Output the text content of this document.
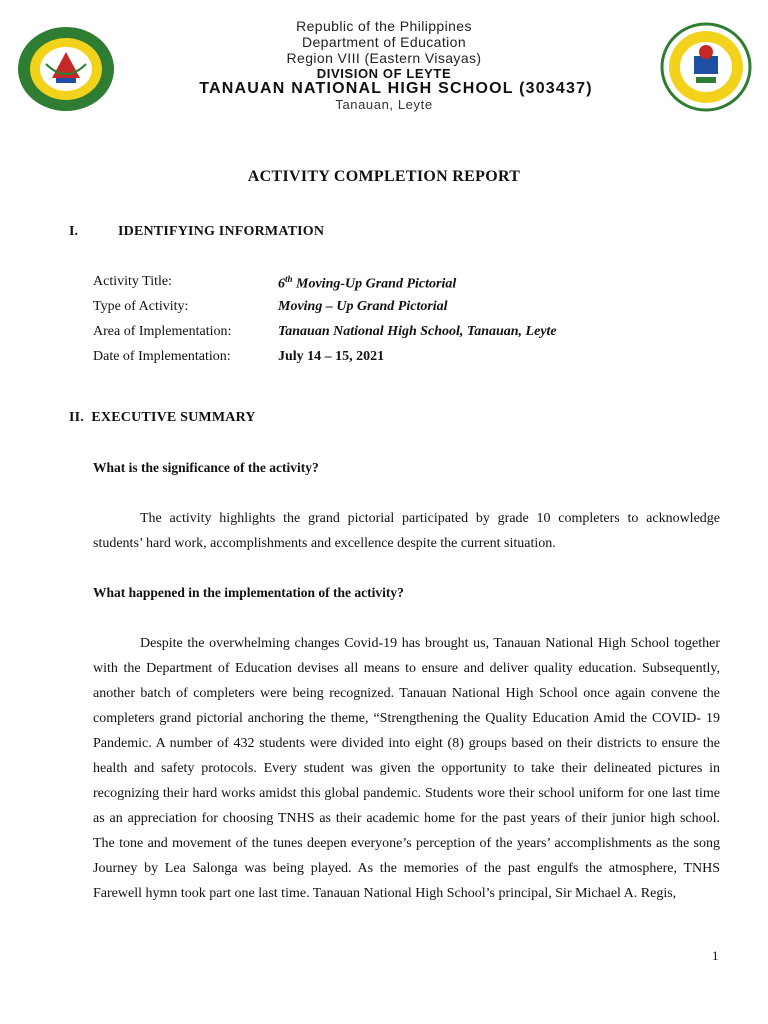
Republic of the Philippines
Department of Education
Region VIII (Eastern Visayas)
DIVISION OF LEYTE
TANAUAN NATIONAL HIGH SCHOOL (303437)
Tanauan, Leyte
ACTIVITY COMPLETION REPORT
I.	IDENTIFYING INFORMATION
Activity Title:	6th Moving-Up Grand Pictorial
Type of Activity:	Moving – Up Grand Pictorial
Area of Implementation:	Tanauan National High School, Tanauan, Leyte
Date of Implementation:	July 14 – 15, 2021
II.  EXECUTIVE SUMMARY
What is the significance of the activity?

The activity highlights the grand pictorial participated by grade 10 completers to acknowledge students’ hard work, accomplishments and excellence despite the current situation.

What happened in the implementation of the activity?

Despite the overwhelming changes Covid-19 has brought us, Tanauan National High School together with the Department of Education devises all means to ensure and deliver quality education. Subsequently, another batch of completers were being recognized. Tanauan National High School once again convene the completers grand pictorial anchoring the theme, “Strengthening the Quality Education Amid the COVID- 19 Pandemic. A number of 432 students were divided into eight (8) groups based on their districts to ensure the health and safety protocols. Every student was given the opportunity to take their delineated pictures in recognizing their hard works amidst this global pandemic. Students wore their school uniform for one last time as an appreciation for choosing TNHS as their academic home for the past years of their junior high school. The tone and movement of the tunes deepen everyone’s perception of the years’ accomplishments as the song Journey by Lea Salonga was being played. As the memories of the past engulfs the atmosphere, TNHS Farewell hymn took part one last time. Tanauan National High School’s principal, Sir Michael A. Regis,

1
